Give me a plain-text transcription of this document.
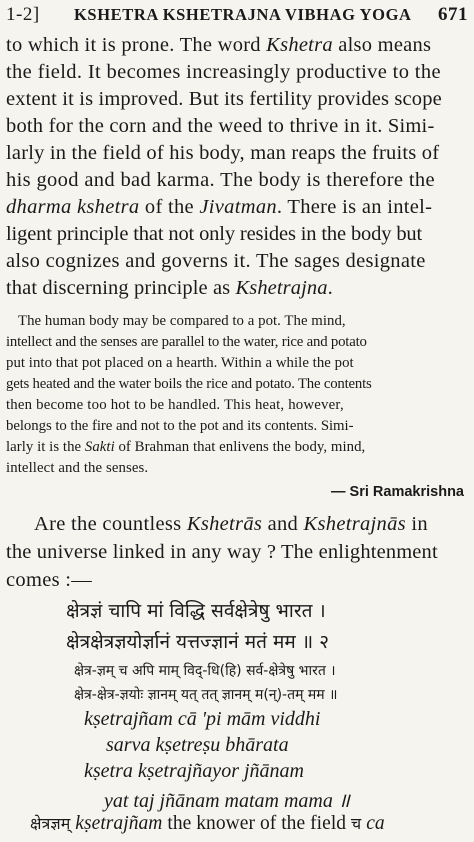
1-2] KSHETRA KSHETRAJNA VIBHAG YOGA 671
to which it is prone. The word Kshetra also means
the field. It becomes increasingly productive to the
extent it is improved. But its fertility provides scope
both for the corn and the weed to thrive in it. Simi-
larly in the field of his body, man reaps the fruits of
his good and bad karma. The body is therefore the
dharma kshetra of the Jivatman. There is an intel-
ligent principle that not only resides in the body but
also cognizes and governs it. The sages designate
that discerning principle as Kshetrajna.
The human body may be compared to a pot. The mind,
intellect and the senses are parallel to the water, rice and potato
put into that pot placed on a hearth. Within a while the pot
gets heated and the water boils the rice and potato. The contents
then become too hot to be handled. This heat, however,
belongs to the fire and not to the pot and its contents. Simi-
larly it is the Sakti of Brahman that enlivens the body, mind,
intellect and the senses.
— Sri Ramakrishna
Are the countless Kshetrās and Kshetrajnās in
the universe linked in any way ? The enlightenment
comes :—
क्षेत्रज्ञं चापि मां विद्धि सर्वक्षेत्रेषु भारत ।
क्षेत्रक्षेत्रज्ञयोर्ज्ञानं यत्तज्ज्ञानं मतं मम ॥ २
क्षेत्र-ज्ञम् च अपि माम् विद्-धि(हि) सर्व-क्षेत्रेषु भारत ।
क्षेत्र-क्षेत्र-ज्ञयोः ज्ञानम् यत् तत् ज्ञानम् म(न्)-तम् मम ॥
kṣetrajñam cā 'pi mām viddhi
sarva kṣetreṣu bhārata
kṣetra kṣetrajñayor jñānam
yat taj jñānam matam mama ॥
क्षेत्रज्ञम् kṣetrajñam the knower of the field च ca
